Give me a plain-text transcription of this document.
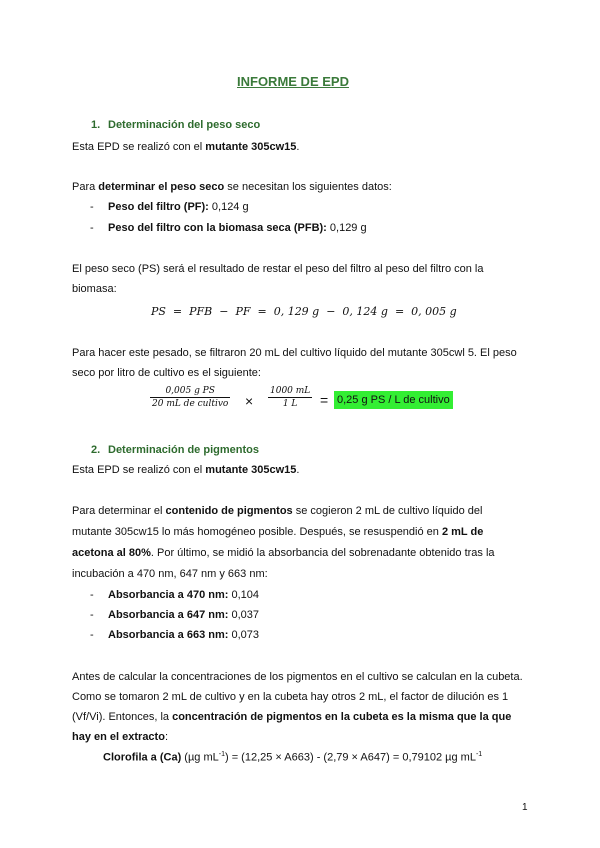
INFORME DE EPD
1. Determinación del peso seco
Esta EPD se realizó con el mutante 305cw15.
Para determinar el peso seco se necesitan los siguientes datos:
- Peso del filtro (PF): 0,124 g
- Peso del filtro con la biomasa seca (PFB): 0,129 g
El peso seco (PS) será el resultado de restar el peso del filtro al peso del filtro con la
biomasa:
PS  =  PFB  −  PF  =  0, 129 g  −  0, 124 g  =  0, 005 g
Para hacer este pesado, se filtraron 20 mL del cultivo líquido del mutante 305cwl 5. El peso
seco por litro de cultivo es el siguiente:
0,005 g PS
20 mL de cultivo ×
1000 mL
1 L	= 0,25 g PS / L de cultivo
2. Determinación de pigmentos
Esta EPD se realizó con el mutante 305cw15.
Para determinar el contenido de pigmentos se cogieron 2 mL de cultivo líquido del
mutante 305cw15 lo más homogéneo posible. Después, se resuspendió en 2 mL de
acetona al 80%. Por último, se midió la absorbancia del sobrenadante obtenido tras la
incubación a 470 nm, 647 nm y 663 nm:
- Absorbancia a 470 nm: 0,104
- Absorbancia a 647 nm: 0,037
- Absorbancia a 663 nm: 0,073
Antes de calcular la concentraciones de los pigmentos en el cultivo se calculan en la cubeta.
Como se tomaron 2 mL de cultivo y en la cubeta hay otros 2 mL, el factor de dilución es 1
(Vf/Vi). Entonces, la concentración de pigmentos en la cubeta es la misma que la que
hay en el extracto:
Clorofila a (Ca) (µg $mL^{-1}) = (12,25 \times A663) - (2,79 \times A647) = 0,79102$ µg $mL^{-1}$
1
